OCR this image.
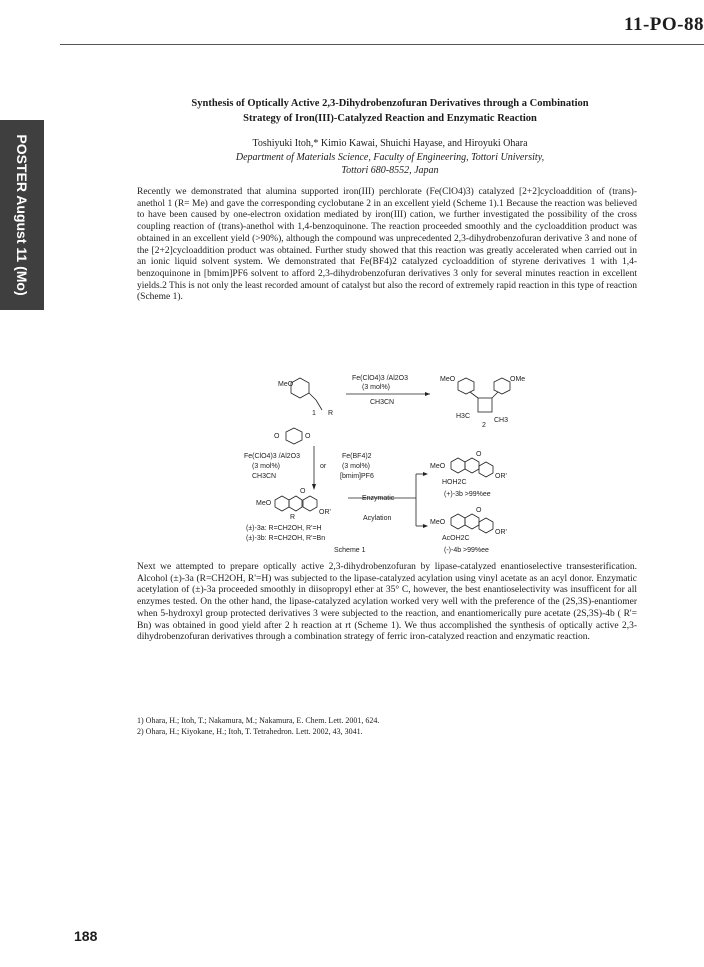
11-PO-88
POSTER August 11 (Mo)
Synthesis of Optically Active 2,3-Dihydrobenzofuran Derivatives through a Combination
Strategy of Iron(III)-Catalyzed Reaction and Enzymatic Reaction
Toshiyuki Itoh,* Kimio Kawai, Shuichi Hayase, and Hiroyuki Ohara
Department of Materials Science, Faculty of Engineering, Tottori University,
Tottori 680-8552, Japan

Recently we demonstrated that alumina supported iron(III) perchlorate (Fe(ClO4)3) catalyzed [2+2]cycloaddition of (trans)-anethol 1 (R= Me) and gave the corresponding cyclobutane 2 in an excellent yield (Scheme 1).1 Because the reaction was believed to have been caused by one-electron oxidation mediated by iron(III) cation, we further investigated the possibility of the cross coupling reaction of (trans)-anethol with 1,4-benzoquinone. The reaction proceeded smoothly and the cycloaddition product was obtained in an excellent yield (>90%), although the compound was unprecedented 2,3-dihydrobenzofuran derivative 3 and none of the [2+2]cycloaddition product was obtained. Further study showed that this reaction was greatly accelerated when carried out in an ionic liquid solvent system. We demonstrated that Fe(BF4)2 catalyzed cycloaddition of styrene derivatives 1 with 1,4-benzoquinone in [bmim]PF6 solvent to afford 2,3-dihydrobenzofuran derivatives 3 only for several minutes reaction in excellent yields.2 This is not only the least recorded amount of catalyst but also the record of extremely rapid reaction in this type of reaction (Scheme 1).

MeO
1 R
Fe(ClO4)3 /Al2O3
(3 mol%)
CH3CN
MeO	OMe
H3C
CH3
2
O	O
Fe(ClO4)3 /Al2O3
(3 mol%)
CH3CN
or
Fe(BF4)2
(3 mol%)
[bmim]PF6
MeO
O
OR'
R
(±)-3a: R=CH2OH, R'=H
(±)-3b: R=CH2OH, R'=Bn
Enzymatic
Acylation
MeO
O
OR'
HOH2C
(+)-3b >99%ee
MeO
O
OR'
AcOH2C
(-)-4b >99%ee
Scheme 1

Next we attempted to prepare optically active 2,3-dihydrobenzofuran by lipase-catalyzed enantioselective transesterification. Alcohol (±)-3a (R=CH2OH, R'=H) was subjected to the lipase-catalyzed acylation using vinyl acetate as an acyl donor. Enzymatic acetylation of (±)-3a proceeded smoothly in diisopropyl ether at 35° C, however, the best enantioselectivity was insufficent for all enzymes tested. On the other hand, the lipase-catalyzed acylation worked very well with the preference of the (2S,3S)-enantiomer when 5-hydroxyl group protected derivatives 3 were subjected to the reaction, and enantiomerically pure acetate (2S,3S)-4b ( R'= Bn) was obtained in good yield after 2 h reaction at rt (Scheme 1). We thus accomplished the synthesis of optically active 2,3-dihydrobenzofuran derivatives through a combination strategy of ferric iron-catalyzed reaction and enzymatic reaction.

1) Ohara, H.; Itoh, T.; Nakamura, M.; Nakamura, E. Chem. Lett. 2001, 624.
2) Ohara, H.; Kiyokane, H.; Itoh, T. Tetrahedron. Lett. 2002, 43, 3041.
188
